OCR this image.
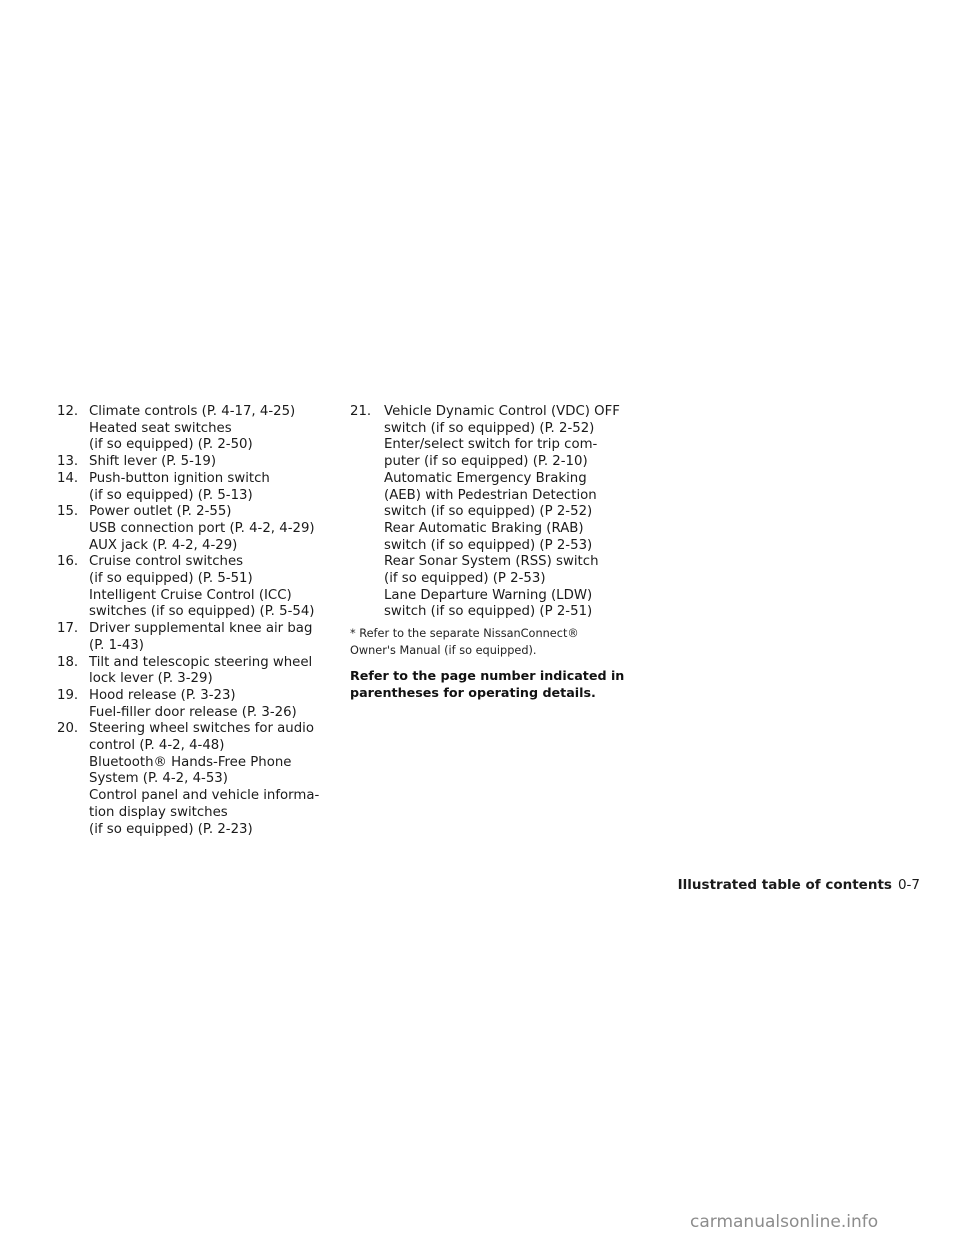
12. Climate controls (P. 4-17, 4-25)
Heated seat switches
(if so equipped) (P. 2-50)
13. Shift lever (P. 5-19)
14. Push-button ignition switch
(if so equipped) (P. 5-13)
15. Power outlet (P. 2-55)
USB connection port (P. 4-2, 4-29)
AUX jack (P. 4-2, 4-29)
16. Cruise control switches
(if so equipped) (P. 5-51)
Intelligent Cruise Control (ICC)
switches (if so equipped) (P. 5-54)
17. Driver supplemental knee air bag
(P. 1-43)
18. Tilt and telescopic steering wheel
lock lever (P. 3-29)
19. Hood release (P. 3-23)
Fuel-filler door release (P. 3-26)
20. Steering wheel switches for audio
control (P. 4-2, 4-48)
Bluetooth® Hands-Free Phone
System (P. 4-2, 4-53)
Control panel and vehicle informa-
tion display switches
(if so equipped) (P. 2-23)
21. Vehicle Dynamic Control (VDC) OFF
switch (if so equipped) (P. 2-52)
Enter/select switch for trip com-
puter (if so equipped) (P. 2-10)
Automatic Emergency Braking
(AEB) with Pedestrian Detection
switch (if so equipped) (P 2-52)
Rear Automatic Braking (RAB)
switch (if so equipped) (P 2-53)
Rear Sonar System (RSS) switch
(if so equipped) (P 2-53)
Lane Departure Warning (LDW)
switch (if so equipped) (P 2-51)
* Refer to the separate NissanConnect®
Owner's Manual (if so equipped).
Refer to the page number indicated in
parentheses for operating details.
Illustrated table of contents 0-7
carmanualsonline.info
